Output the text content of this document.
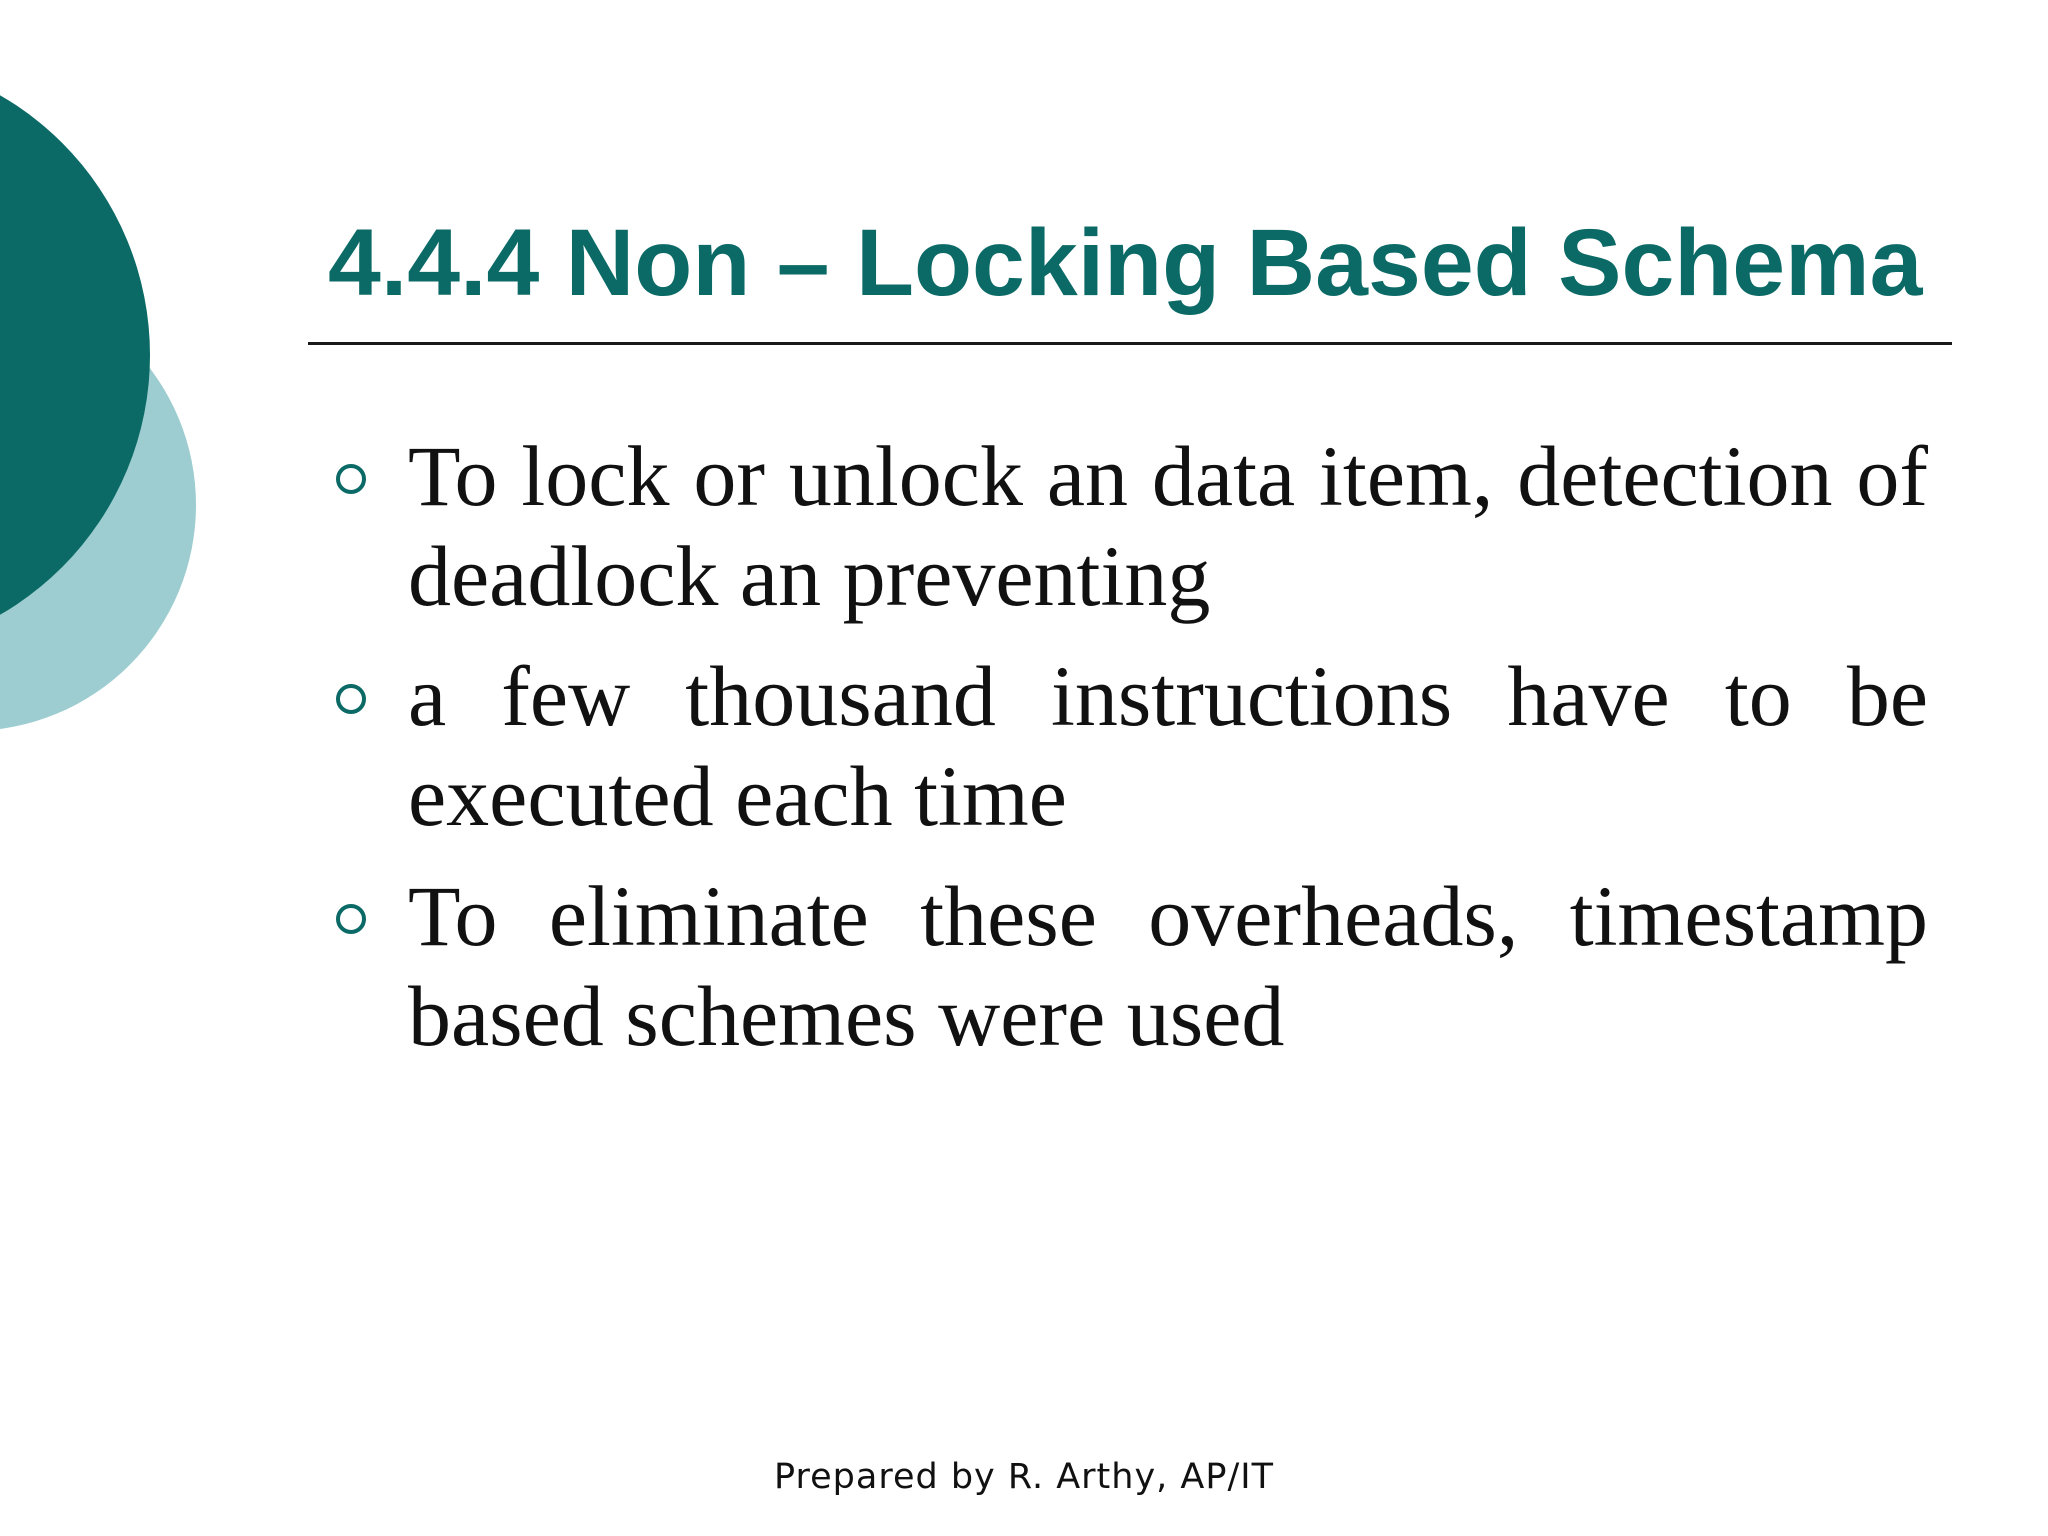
4.4.4 Non – Locking Based Schema
To lock or unlock an data item, detection of deadlock an preventing
a few thousand instructions have to be executed each time
To eliminate these overheads, timestamp based schemes were used
Prepared by R. Arthy, AP/IT
